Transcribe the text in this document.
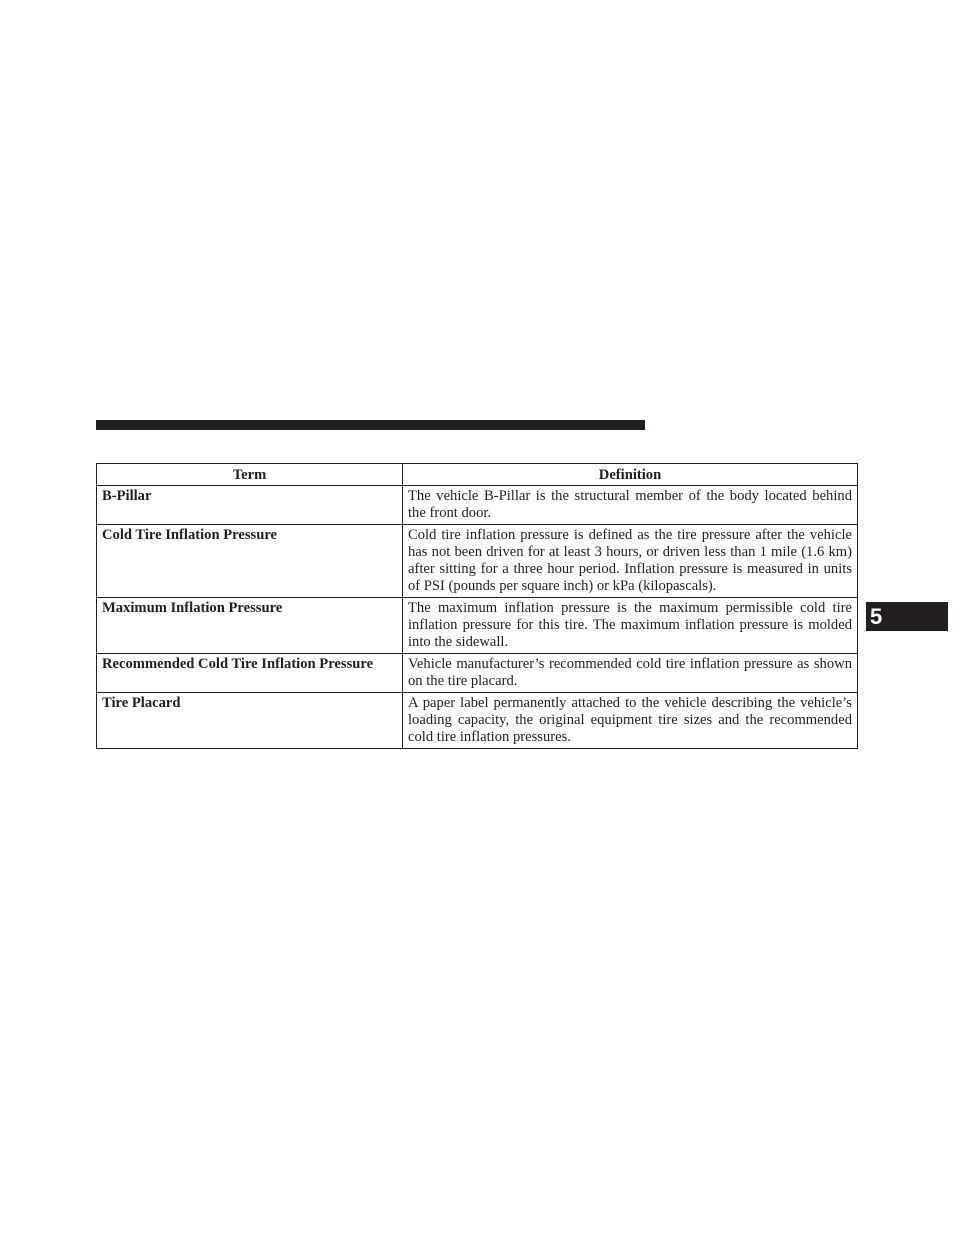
Term	Definition
B-Pillar	The vehicle B-Pillar is the structural member of the body located behind the front door.
Cold Tire Inflation Pressure	Cold tire inflation pressure is defined as the tire pressure after the vehicle has not been driven for at least 3 hours, or driven less than 1 mile (1.6 km) after sitting for a three hour period. Inflation pressure is measured in units of PSI (pounds per square inch) or kPa (kilopascals).
Maximum Inflation Pressure	The maximum inflation pressure is the maximum permissible cold tire inflation pressure for this tire. The maximum inflation pressure is molded into the sidewall.
Recommended Cold Tire Inflation Pressure	Vehicle manufacturer’s recommended cold tire inflation pressure as shown on the tire placard.
Tire Placard	A paper label permanently attached to the vehicle describing the vehicle’s loading capacity, the original equipment tire sizes and the recommended cold tire inflation pressures.
5
